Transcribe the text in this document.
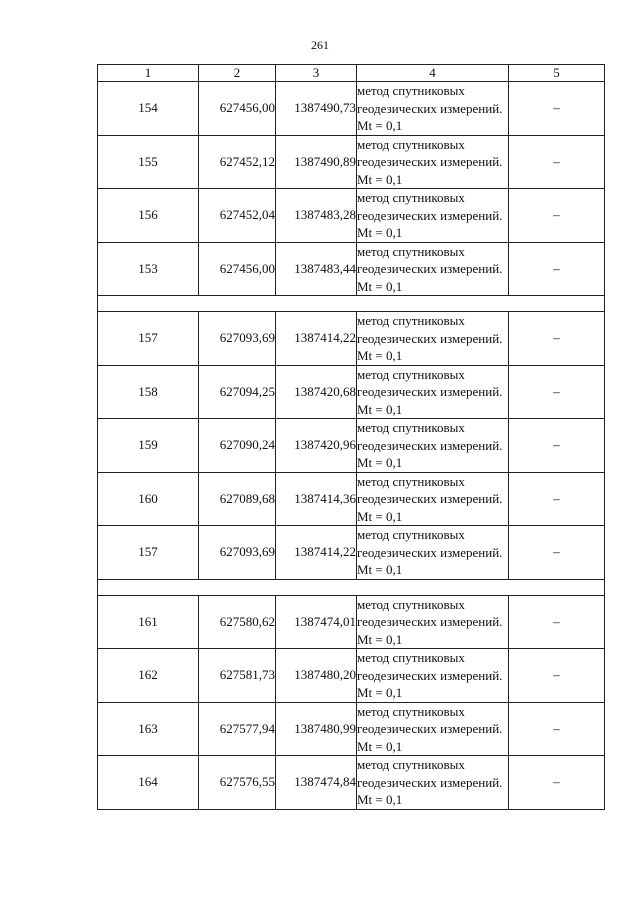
261
1	2	3	4	5
154	627456,00	1387490,73	метод спутниковых геодезических измерений. Mt = 0,1	–
155	627452,12	1387490,89	метод спутниковых геодезических измерений. Mt = 0,1	–
156	627452,04	1387483,28	метод спутниковых геодезических измерений. Mt = 0,1	–
153	627456,00	1387483,44	метод спутниковых геодезических измерений. Mt = 0,1	–

157	627093,69	1387414,22	метод спутниковых геодезических измерений. Mt = 0,1	–
158	627094,25	1387420,68	метод спутниковых геодезических измерений. Mt = 0,1	–
159	627090,24	1387420,96	метод спутниковых геодезических измерений. Mt = 0,1	–
160	627089,68	1387414,36	метод спутниковых геодезических измерений. Mt = 0,1	–
157	627093,69	1387414,22	метод спутниковых геодезических измерений. Mt = 0,1	–

161	627580,62	1387474,01	метод спутниковых геодезических измерений. Mt = 0,1	–
162	627581,73	1387480,20	метод спутниковых геодезических измерений. Mt = 0,1	–
163	627577,94	1387480,99	метод спутниковых геодезических измерений. Mt = 0,1	–
164	627576,55	1387474,84	метод спутниковых геодезических измерений. Mt = 0,1	–
